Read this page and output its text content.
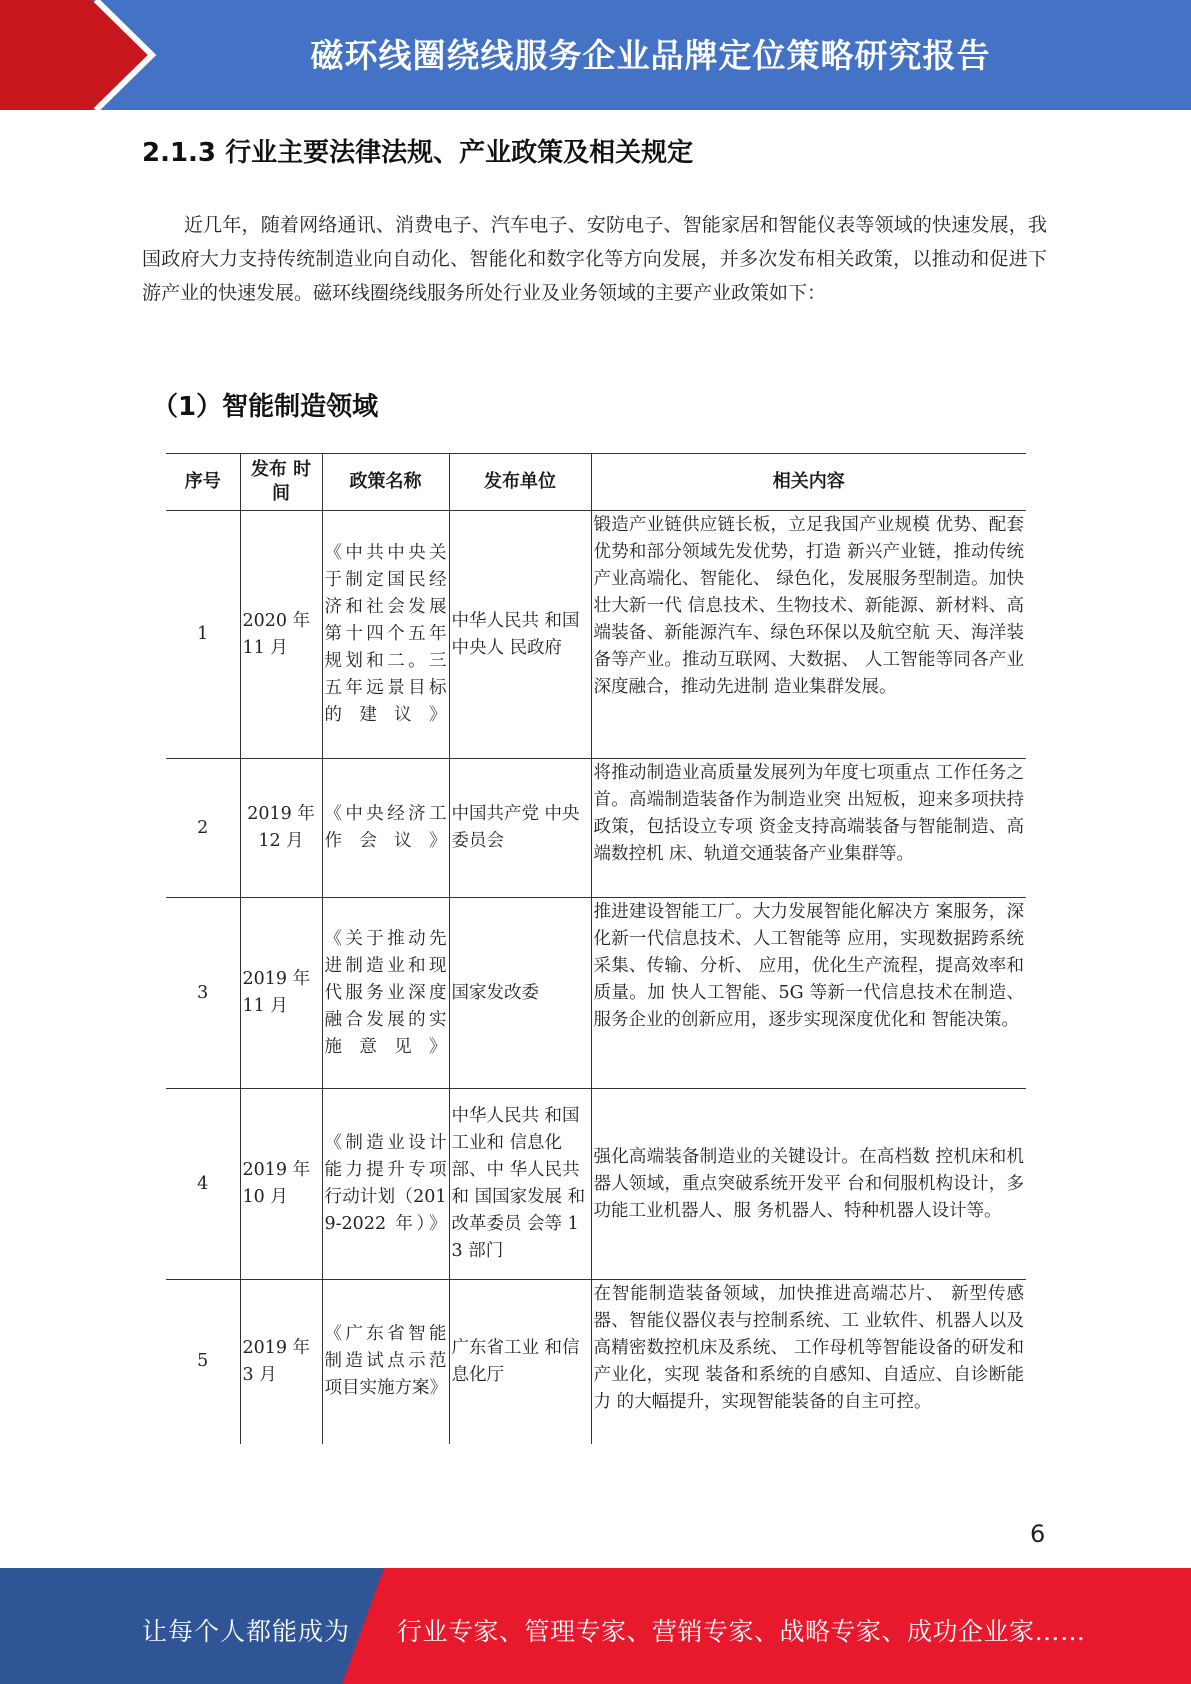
磁环线圈绕线服务企业品牌定位策略研究报告
2.1.3 行业主要法律法规、产业政策及相关规定
近几年，随着网络通讯、消费电子、汽车电子、安防电子、智能家居和智能仪表等领域的快速发展，我国政府大力支持传统制造业向自动化、智能化和数字化等方向发展，并多次发布相关政策，以推动和促进下游产业的快速发展。磁环线圈绕线服务所处行业及业务领域的主要产业政策如下：
（1）智能制造领域
序号	发布 时间	政策名称	发布单位	相关内容
1	2020 年 11 月	《中共中央关于制定国民经济和社会发展第十四个五年规划和二。三五年远景目标的建议》	中华人民共 和国中央人 民政府	锻造产业链供应链长板，立足我国产业规模 优势、配套优势和部分领域先发优势，打造 新兴产业链，推动传统产业高端化、智能化、 绿色化，发展服务型制造。加快壮大新一代 信息技术、生物技术、新能源、新材料、高 端装备、新能源汽车、绿色环保以及航空航 天、海洋装备等产业。推动互联网、大数据、 人工智能等同各产业深度融合，推动先进制 造业集群发展。
2	2019 年 12 月	《中央经济工作会议》	中国共产党 中央委员会	将推动制造业高质量发展列为年度七项重点 工作任务之首。高端制造装备作为制造业突 出短板，迎来多项扶持政策，包括设立专项 资金支持高端装备与智能制造、高端数控机 床、轨道交通装备产业集群等。
3	2019 年 11 月	《关于推动先进制造业和现代服务业深度融合发展的实施意见》	国家发改委	推进建设智能工厂。大力发展智能化解决方 案服务，深化新一代信息技术、人工智能等 应用，实现数据跨系统采集、传输、分析、 应用，优化生产流程，提高效率和质量。加 快人工智能、5G 等新一代信息技术在制造、 服务企业的创新应用，逐步实现深度优化和 智能决策。
4	2019 年 10 月	《制造业设计能力提升专项行动计划（2019-2022 年）》	中华人民共 和国工业和 信息化部、中 华人民共和 国国家发展 和改革委员 会等 13 部门	强化高端装备制造业的关键设计。在高档数 控机床和机器人领域，重点突破系统开发平 台和伺服机构设计，多功能工业机器人、服 务机器人、特种机器人设计等。
5	2019 年 3 月	《广东省智能制造试点示范项目实施方案》	广东省工业 和信息化厅	在智能制造装备领域，加快推进高端芯片、 新型传感器、智能仪器仪表与控制系统、工 业软件、机器人以及高精密数控机床及系统、 工作母机等智能设备的研发和产业化，实现 装备和系统的自感知、自适应、自诊断能力 的大幅提升，实现智能装备的自主可控。
6
让每个人都能成为 行业专家、管理专家、营销专家、战略专家、成功企业家……
